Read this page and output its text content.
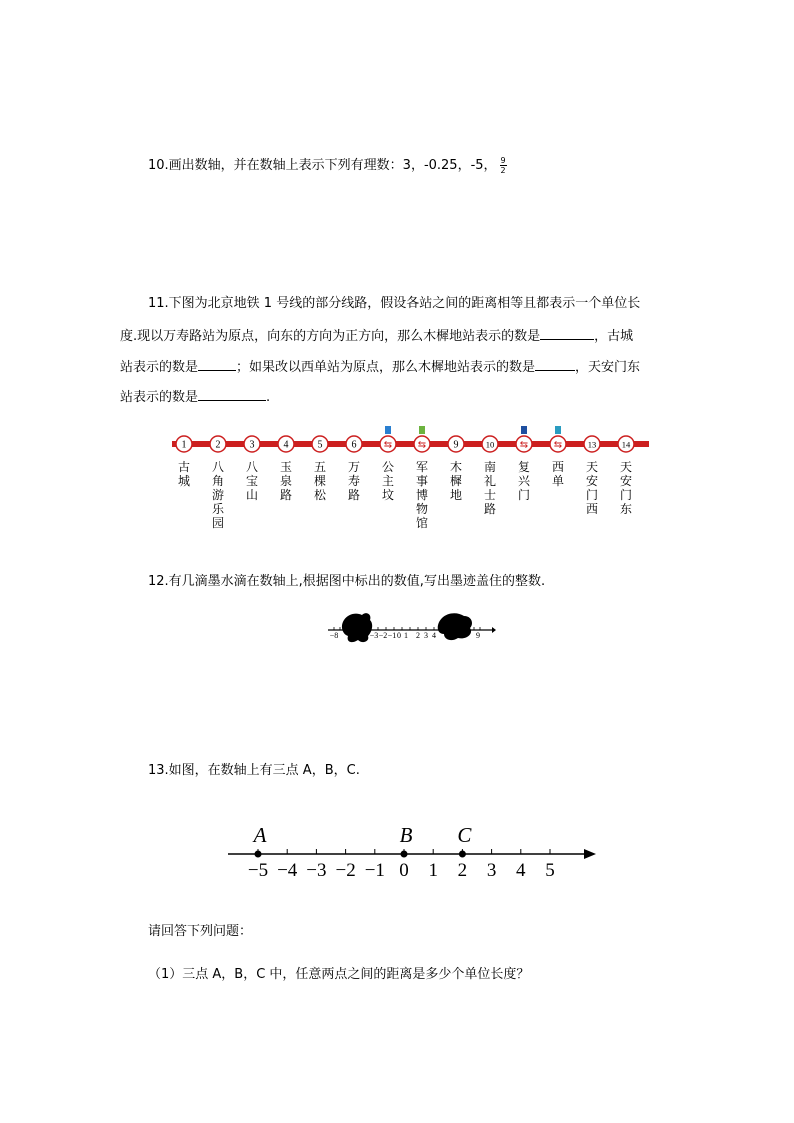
10.画出数轴，并在数轴上表示下列有理数：3，-0.25，-5， $\frac{9}{2}$
11.下图为北京地铁 1 号线的部分线路，假设各站之间的距离相等且都表示一个单位长
度.现以万寿路站为原点，向东的方向为正方向，那么木樨地站表示的数是	，古城
站表示的数是	；如果改以西单站为原点，那么木樨地站表示的数是	，天安门东
站表示的数是	.
1	2	3	4	5	6	⇆	⇆	9	10	⇆	⇆	13	14
古城
八角游乐园
八宝山
玉泉路
五棵松
万寿路
公主坟
军事博物馆
木樨地
南礼士路
复兴门
西单
天安门西
天安门东
12.有几滴墨水滴在数轴上,根据图中标出的数值,写出墨迹盖住的整数.
−8	−3 −2 −1 0 1 2 3 4	9
13.如图，在数轴上有三点 A，B，C.
−5 −4 −3 −2 −1 0 1 2 3 4 5
A	B C
请回答下列问题：
（1）三点 A，B，C 中，任意两点之间的距离是多少个单位长度？
